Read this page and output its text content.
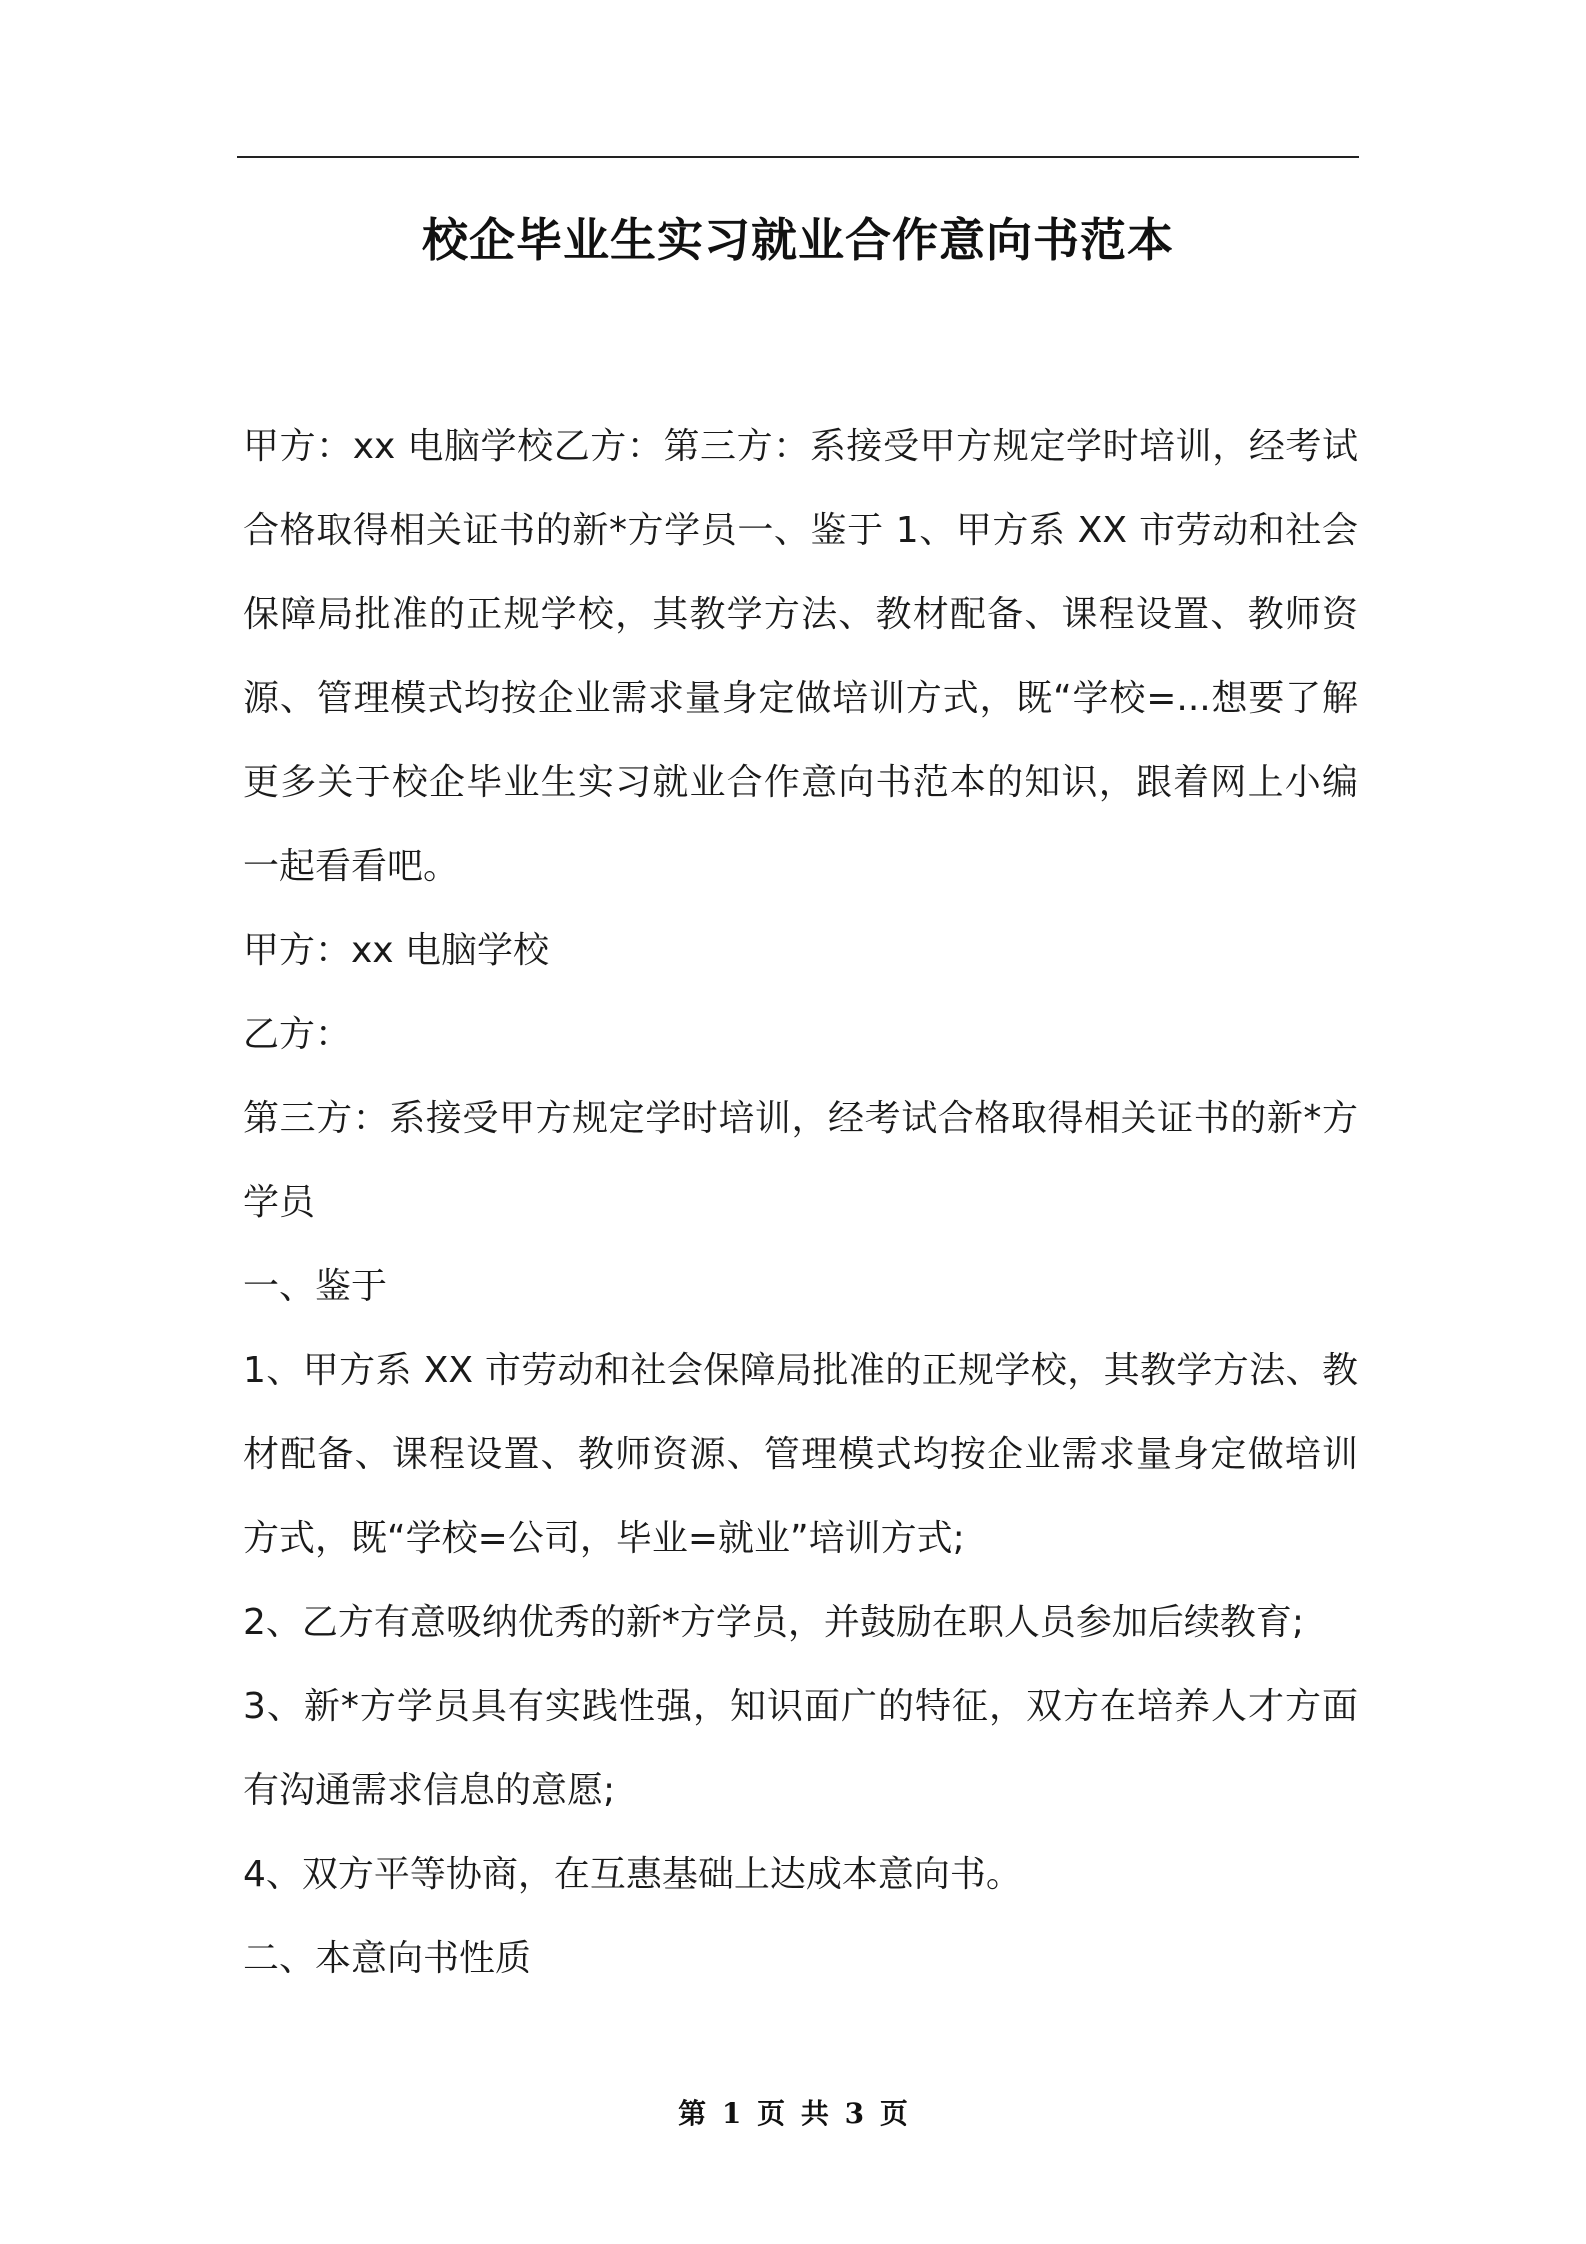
校企毕业生实习就业合作意向书范本

甲方：xx 电脑学校乙方：第三方：系接受甲方规定学时培训，经考试合格取得相关证书的新*方学员一、鉴于 1、甲方系 XX 市劳动和社会保障局批准的正规学校，其教学方法、教材配备、课程设置、教师资源、管理模式均按企业需求量身定做培训方式，既“学校=...想要了解更多关于校企毕业生实习就业合作意向书范本的知识，跟着网上小编一起看看吧。

甲方：xx 电脑学校

乙方：

第三方：系接受甲方规定学时培训，经考试合格取得相关证书的新*方学员

一、鉴于

1、甲方系 XX 市劳动和社会保障局批准的正规学校，其教学方法、教材配备、课程设置、教师资源、管理模式均按企业需求量身定做培训方式，既“学校=公司，毕业=就业”培训方式;

2、乙方有意吸纳优秀的新*方学员，并鼓励在职人员参加后续教育;

3、新*方学员具有实践性强，知识面广的特征，双方在培养人才方面有沟通需求信息的意愿;

4、双方平等协商，在互惠基础上达成本意向书。

二、本意向书性质

第 1 页 共 3 页
